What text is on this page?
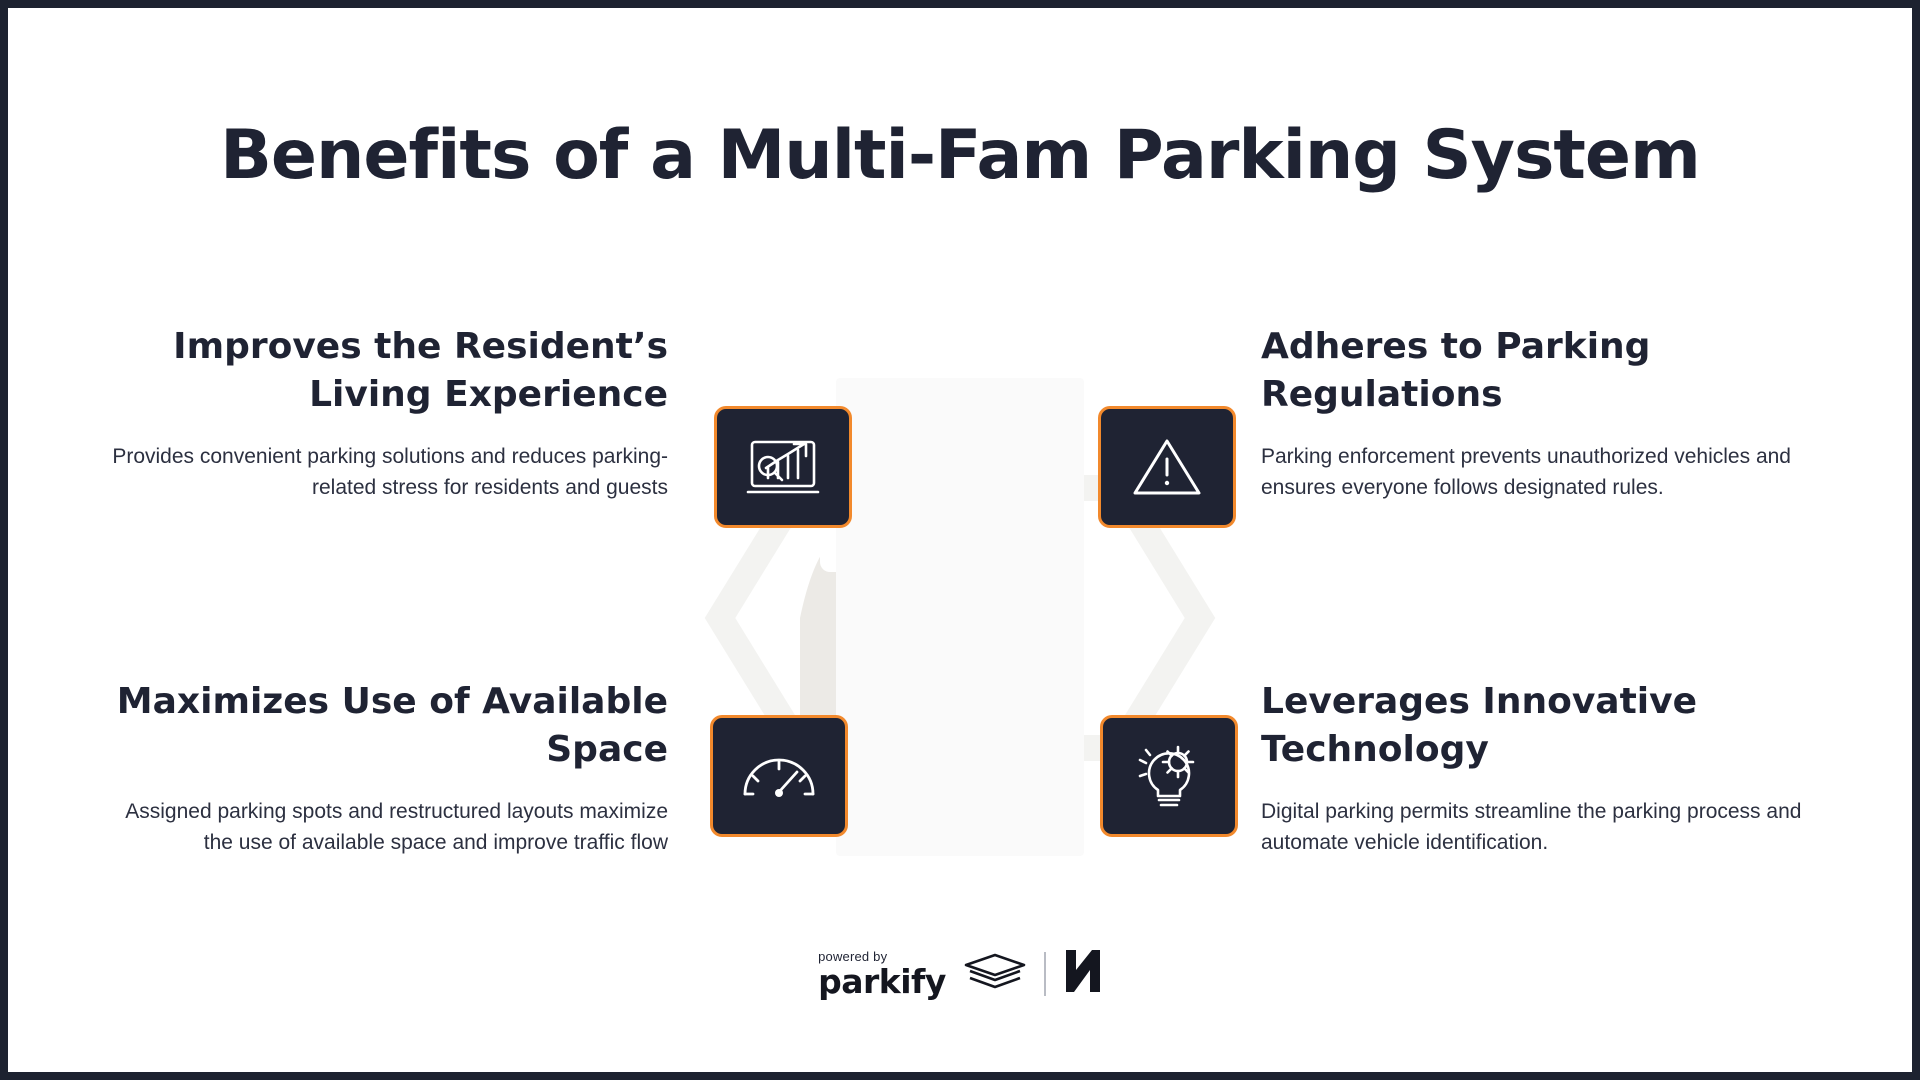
Benefits of a Multi-Fam Parking System
Improves the Resident’s Living Experience

Provides convenient parking solutions and reduces parking-related stress for residents and guests

Maximizes Use of Available Space

Assigned parking spots and restructured layouts maximize the use of available space and improve traffic flow

Adheres to Parking Regulations

Parking enforcement prevents unauthorized vehicles and ensures everyone follows designated rules.

Leverages Innovative Technology

Digital parking permits streamline the parking process and automate vehicle identification.

powered by
parkify
